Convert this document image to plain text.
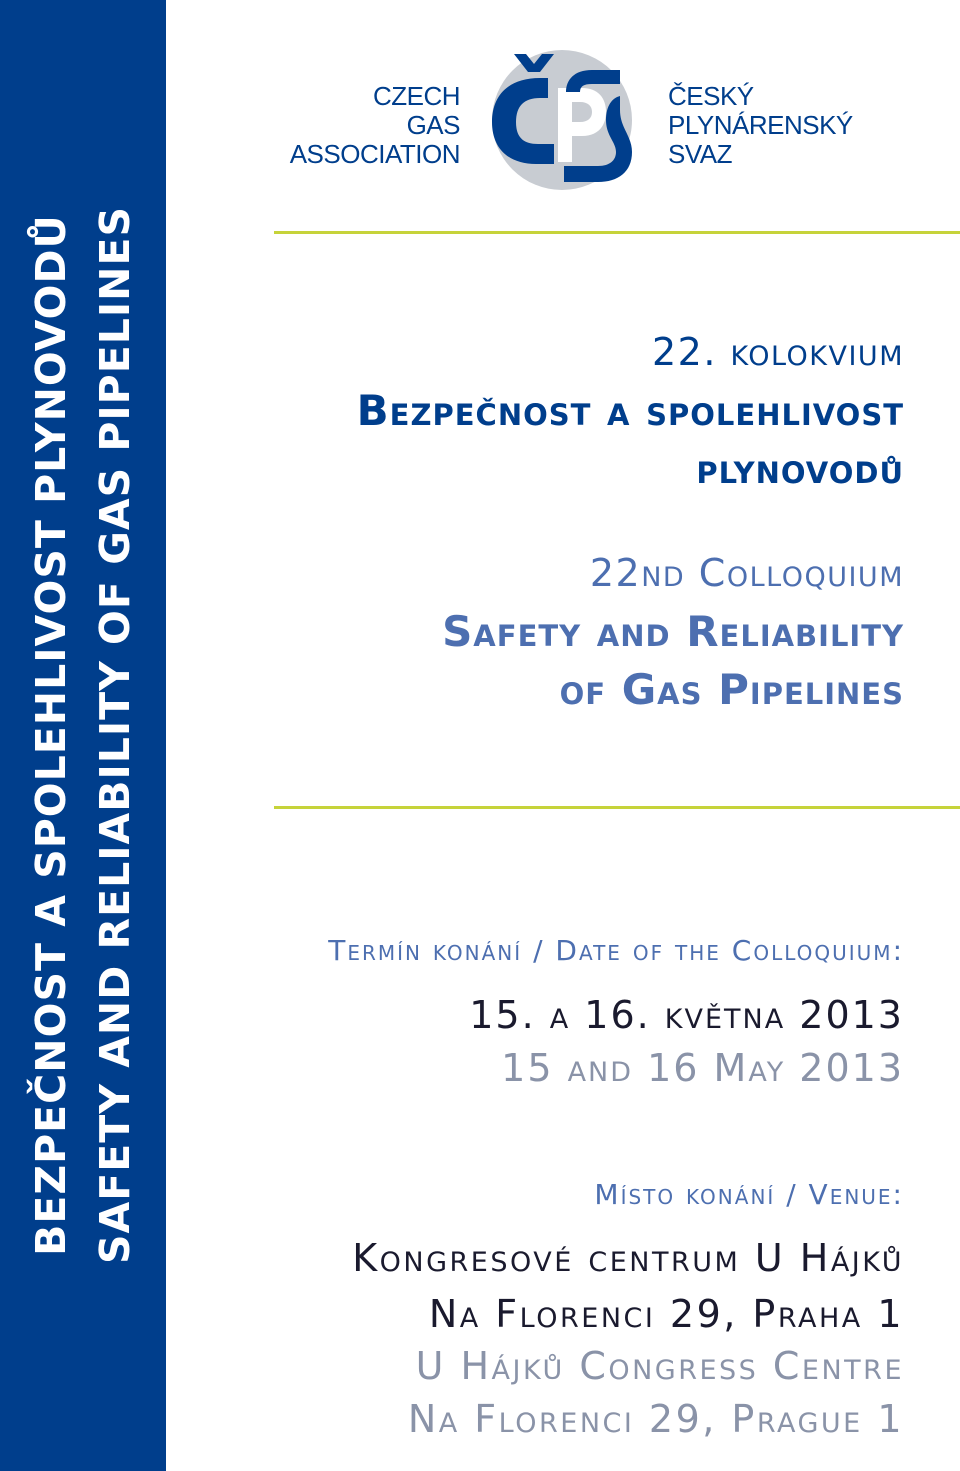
BEZPEČNOST A SPOLEHLIVOST PLYNOVODŮ SAFETY AND RELIABILITY OF GAS PIPELINES
CZECH
GAS
ASSOCIATION
ČESKÝ
PLYNÁRENSKÝ
SVAZ
22. kolokvium
Bezpečnost a spolehlivost
plynovodů
22nd Colloquium
Safety and Reliability
of Gas Pipelines
Termín konání / Date of the Colloquium:
15. a 16. května 2013
15 and 16 May 2013
Místo konání / Venue:
Kongresové centrum U Hájků
Na Florenci 29, Praha 1
U Hájků Congress Centre
Na Florenci 29, Prague 1
